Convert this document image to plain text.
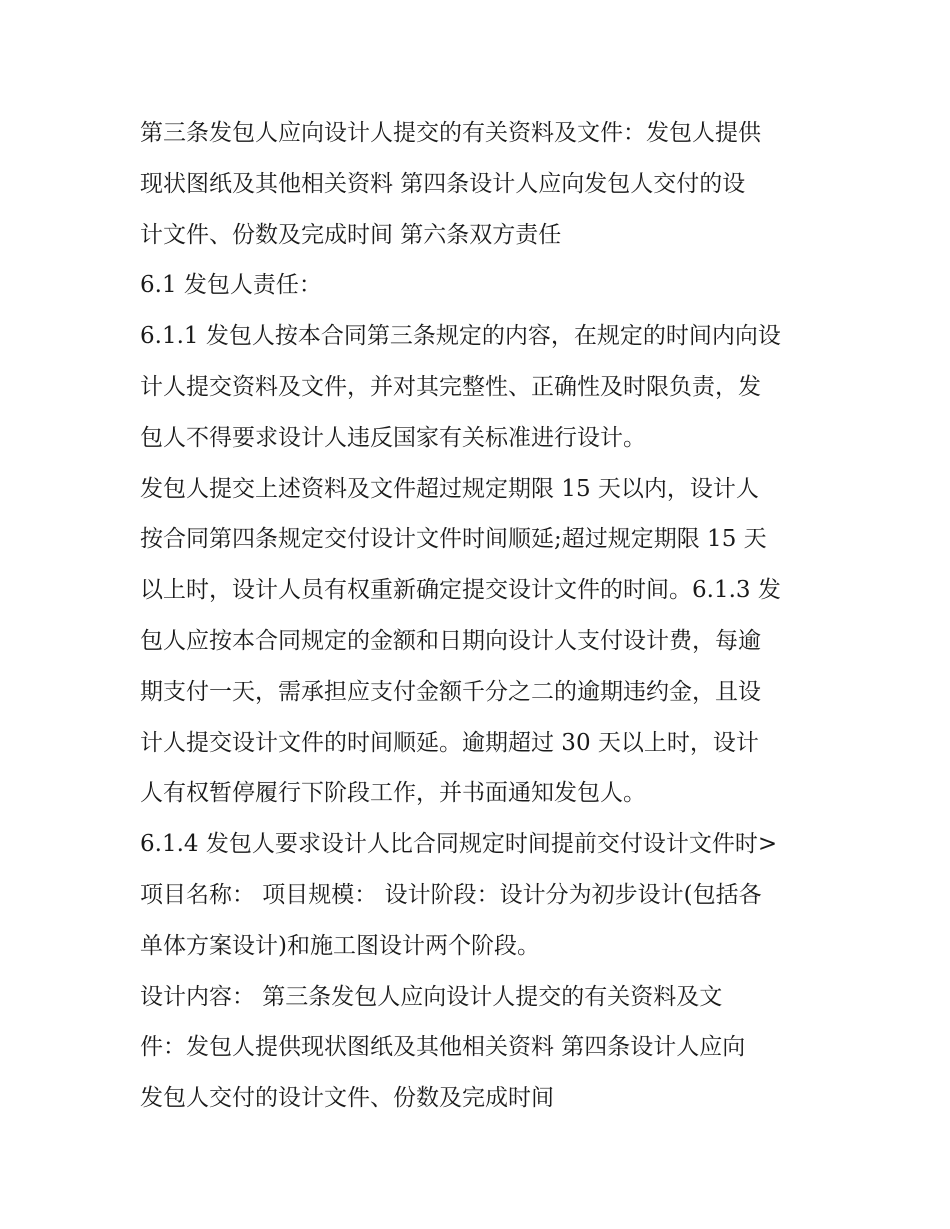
第三条发包人应向设计人提交的有关资料及文件：发包人提供
现状图纸及其他相关资料 第四条设计人应向发包人交付的设
计文件、份数及完成时间 第六条双方责任
6.1 发包人责任：
6.1.1 发包人按本合同第三条规定的内容，在规定的时间内向设
计人提交资料及文件，并对其完整性、正确性及时限负责，发
包人不得要求设计人违反国家有关标准进行设计。
发包人提交上述资料及文件超过规定期限 15 天以内，设计人
按合同第四条规定交付设计文件时间顺延;超过规定期限 15 天
以上时，设计人员有权重新确定提交设计文件的时间。6.1.3 发
包人应按本合同规定的金额和日期向设计人支付设计费，每逾
期支付一天，需承担应支付金额千分之二的逾期违约金，且设
计人提交设计文件的时间顺延。逾期超过 30 天以上时，设计
人有权暂停履行下阶段工作，并书面通知发包人。
6.1.4 发包人要求设计人比合同规定时间提前交付设计文件时>
项目名称： 项目规模： 设计阶段：设计分为初步设计(包括各
单体方案设计)和施工图设计两个阶段。
设计内容： 第三条发包人应向设计人提交的有关资料及文
件：发包人提供现状图纸及其他相关资料 第四条设计人应向
发包人交付的设计文件、份数及完成时间
